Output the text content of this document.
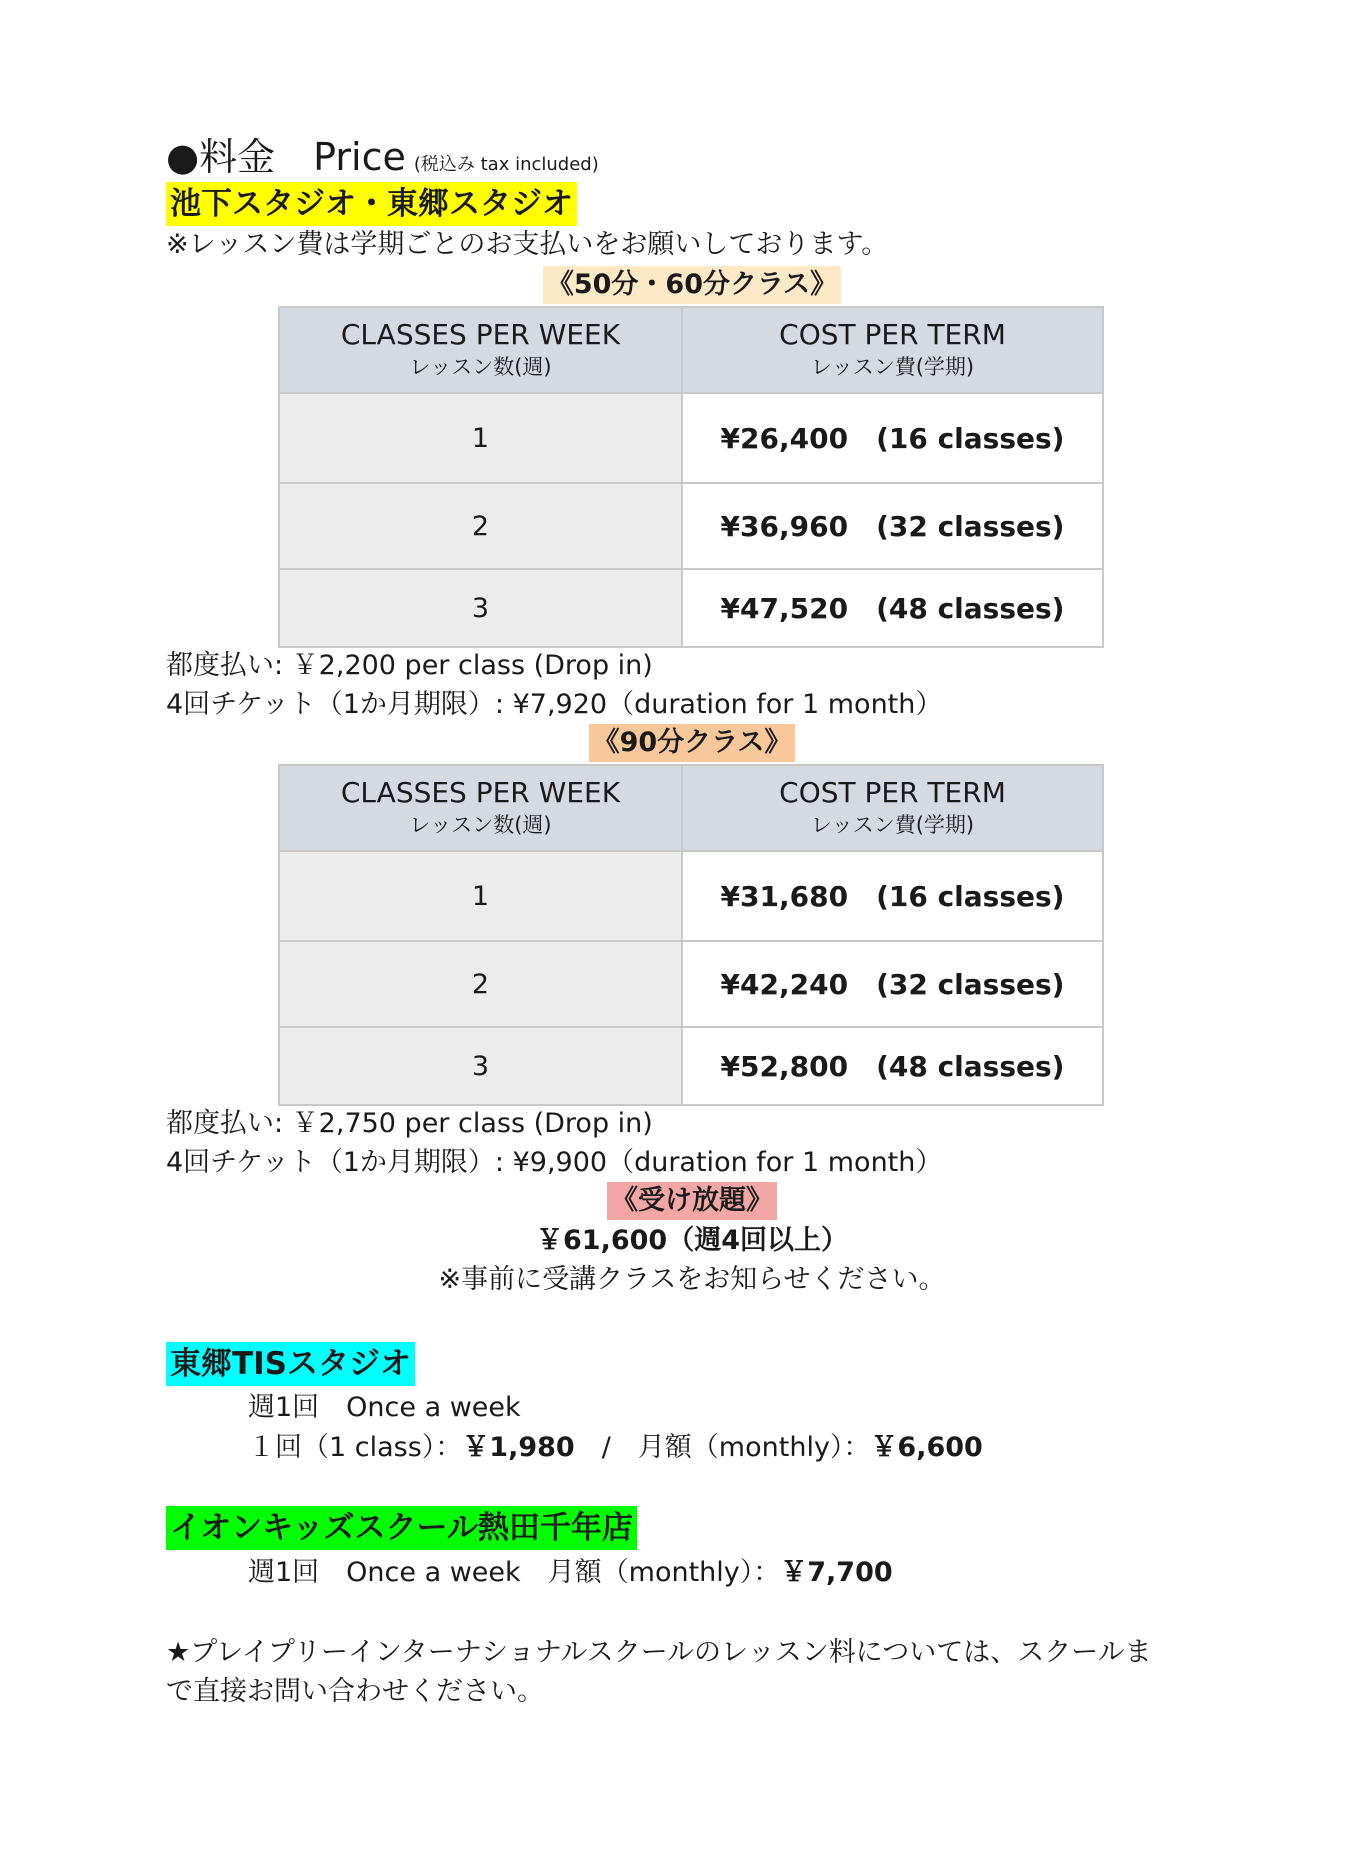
●料金　Price (税込み tax included)
池下スタジオ・東郷スタジオ
※レッスン費は学期ごとのお支払いをお願いしております。
《50分・60分クラス》
CLASSES PER WEEK
レッスン数(週)	COST PER TERM
レッスン費(学期)

1	¥26,400 (16 classes)
2	¥36,960 (32 classes)
3	¥47,520 (48 classes)
都度払い: ￥2,200 per class (Drop in)
4回チケット（1か月期限）: ¥7,920（duration for 1 month）
《90分クラス》
CLASSES PER WEEK
レッスン数(週)	COST PER TERM
レッスン費(学期)

1	¥31,680 (16 classes)
2	¥42,240 (32 classes)
3	¥52,800 (48 classes)
都度払い: ￥2,750 per class (Drop in)
4回チケット（1か月期限）: ¥9,900（duration for 1 month）
《受け放題》
￥61,600（週4回以上）
※事前に受講クラスをお知らせください。
東郷TISスタジオ
週1回　Once a week
１回（1 class）：￥1,980　/　月額（monthly）：￥6,600
イオンキッズスクール熱田千年店
週1回　Once a week　月額（monthly）：￥7,700
★プレイプリーインターナショナルスクールのレッスン料については、スクールま
で直接お問い合わせください。
